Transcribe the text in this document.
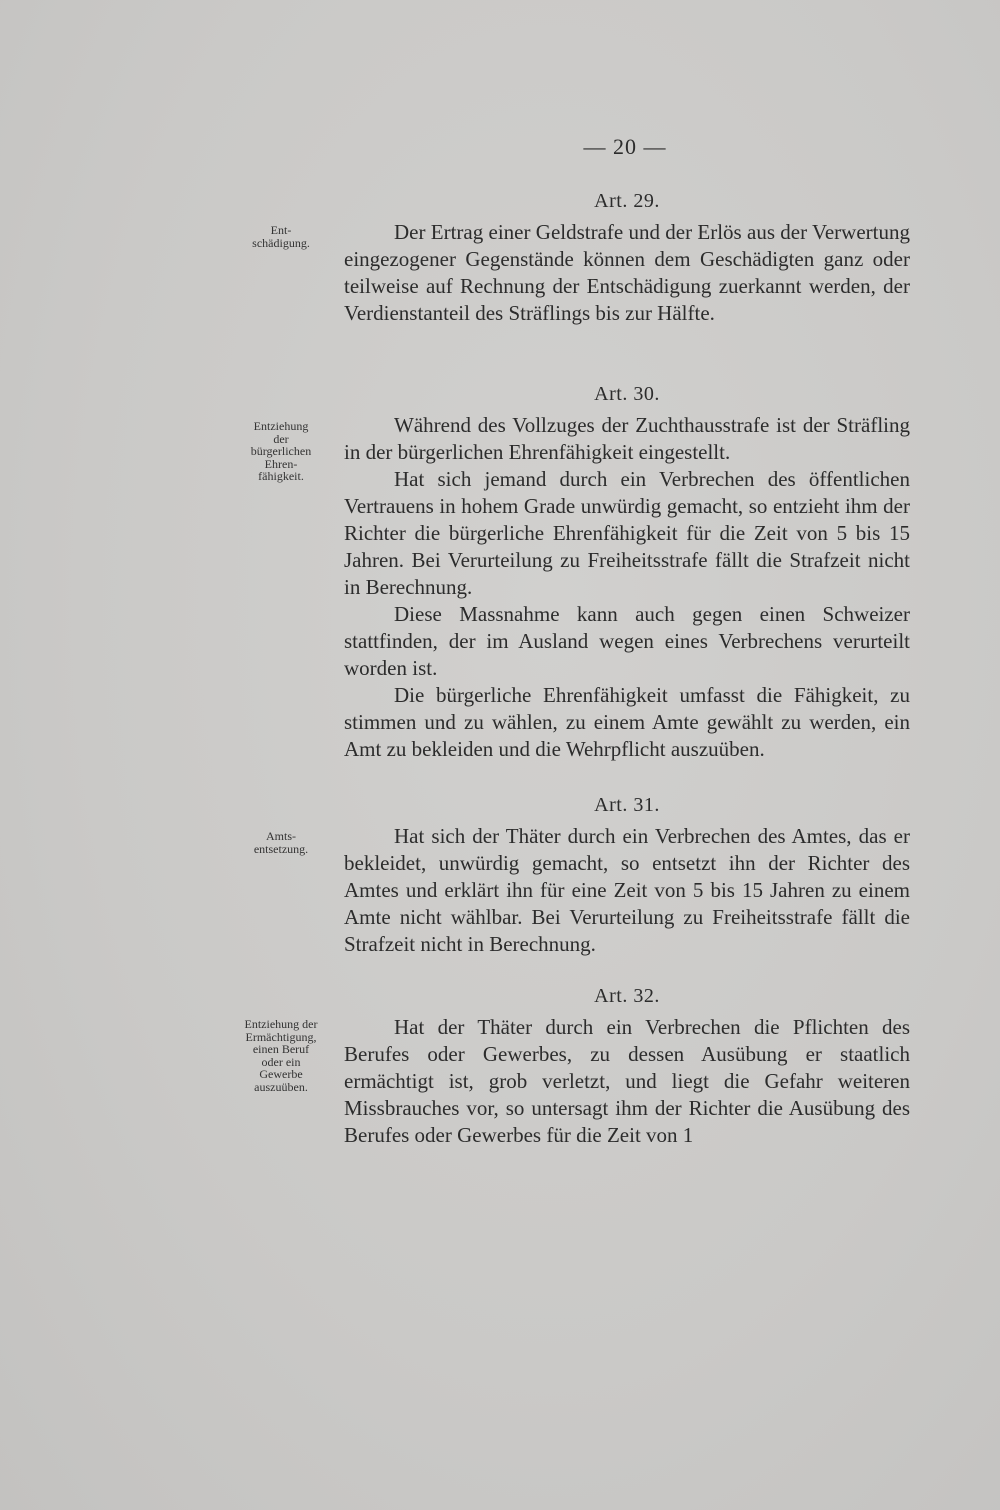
— 20 —
Ent-
schädigung.
Art. 29.

Der Ertrag einer Geldstrafe und der Erlös aus der Verwertung eingezogener Gegenstände können dem Geschädigten ganz oder teilweise auf Rechnung der Entschädigung zuerkannt werden, der Verdienstanteil des Sträflings bis zur Hälfte.

Entziehung
der
bürgerlichen
Ehren-
fähigkeit.
Art. 30.

Während des Vollzuges der Zuchthausstrafe ist der Sträfling in der bürgerlichen Ehrenfähigkeit eingestellt.

Hat sich jemand durch ein Verbrechen des öffentlichen Vertrauens in hohem Grade unwürdig gemacht, so entzieht ihm der Richter die bürgerliche Ehrenfähigkeit für die Zeit von 5 bis 15 Jahren. Bei Verurteilung zu Freiheitsstrafe fällt die Strafzeit nicht in Berechnung.

Diese Massnahme kann auch gegen einen Schweizer stattfinden, der im Ausland wegen eines Verbrechens verurteilt worden ist.

Die bürgerliche Ehrenfähigkeit umfasst die Fähigkeit, zu stimmen und zu wählen, zu einem Amte gewählt zu werden, ein Amt zu bekleiden und die Wehrpflicht auszuüben.

Amts-
entsetzung.
Art. 31.

Hat sich der Thäter durch ein Verbrechen des Amtes, das er bekleidet, unwürdig gemacht, so entsetzt ihn der Richter des Amtes und erklärt ihn für eine Zeit von 5 bis 15 Jahren zu einem Amte nicht wählbar. Bei Verurteilung zu Freiheitsstrafe fällt die Strafzeit nicht in Berechnung.

Entziehung der
Ermächtigung,
einen Beruf
oder ein
Gewerbe
auszuüben.
Art. 32.

Hat der Thäter durch ein Verbrechen die Pflichten des Berufes oder Gewerbes, zu dessen Ausübung er staatlich ermächtigt ist, grob verletzt, und liegt die Gefahr weiteren Missbrauches vor, so untersagt ihm der Richter die Ausübung des Berufes oder Gewerbes für die Zeit von 1
